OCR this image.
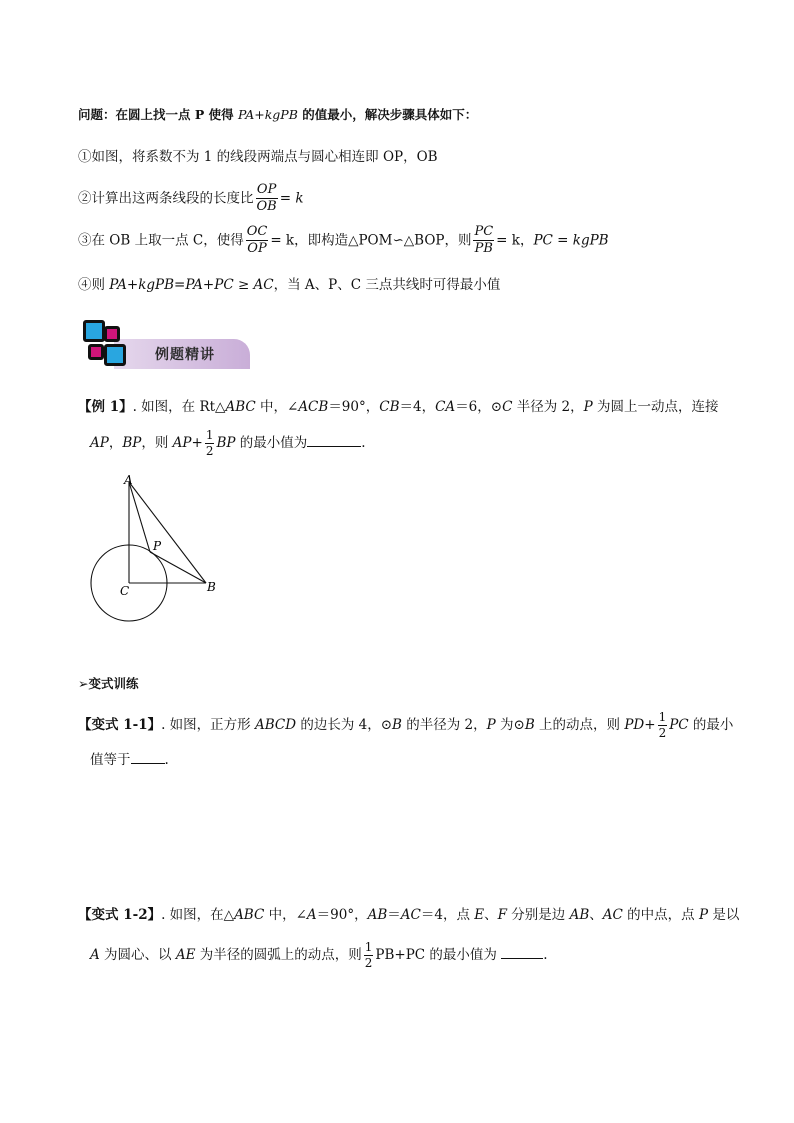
问题：在圆上找一点 P 使得 PA+kgPB 的值最小，解决步骤具体如下：
①如图，将系数不为 1 的线段两端点与圆心相连即 OP，OB
②计算出这两条线段的长度比 $\frac{OP}{OB} = k$
③在 OB 上取一点 C，使得 $\frac{OC}{OP} = k$，即构造△POM∽△BOP，则 $\frac{PC}{PB} = k$，PC = kgPB
④则 PA+kgPB=PA+PC ≥ AC，当 A、P、C 三点共线时可得最小值
例题精讲
【例 1】. 如图，在 Rt△ABC 中，∠ACB＝90°，CB＝4，CA＝6，⊙C 半径为 2，P 为圆上一动点，连接
AP，BP，则 $AP+ \frac{1}{2}$ BP 的最小值为	.
A
P
C	B
➢变式训练
【变式 1-1】. 如图，正方形 ABCD 的边长为 4，⊙B 的半径为 2，P 为⊙B 上的动点，则 $PD+ \frac{1}{2}$ PC 的最小
值等于	.
【变式 1-2】. 如图，在△ABC 中，∠A＝90°，AB＝AC＝4，点 E、F 分别是边 AB、AC 的中点，点 P 是以
A 为圆心、以 AE 为半径的圆弧上的动点，则 $\frac{1}{2} PB+PC$ 的最小值为	.
